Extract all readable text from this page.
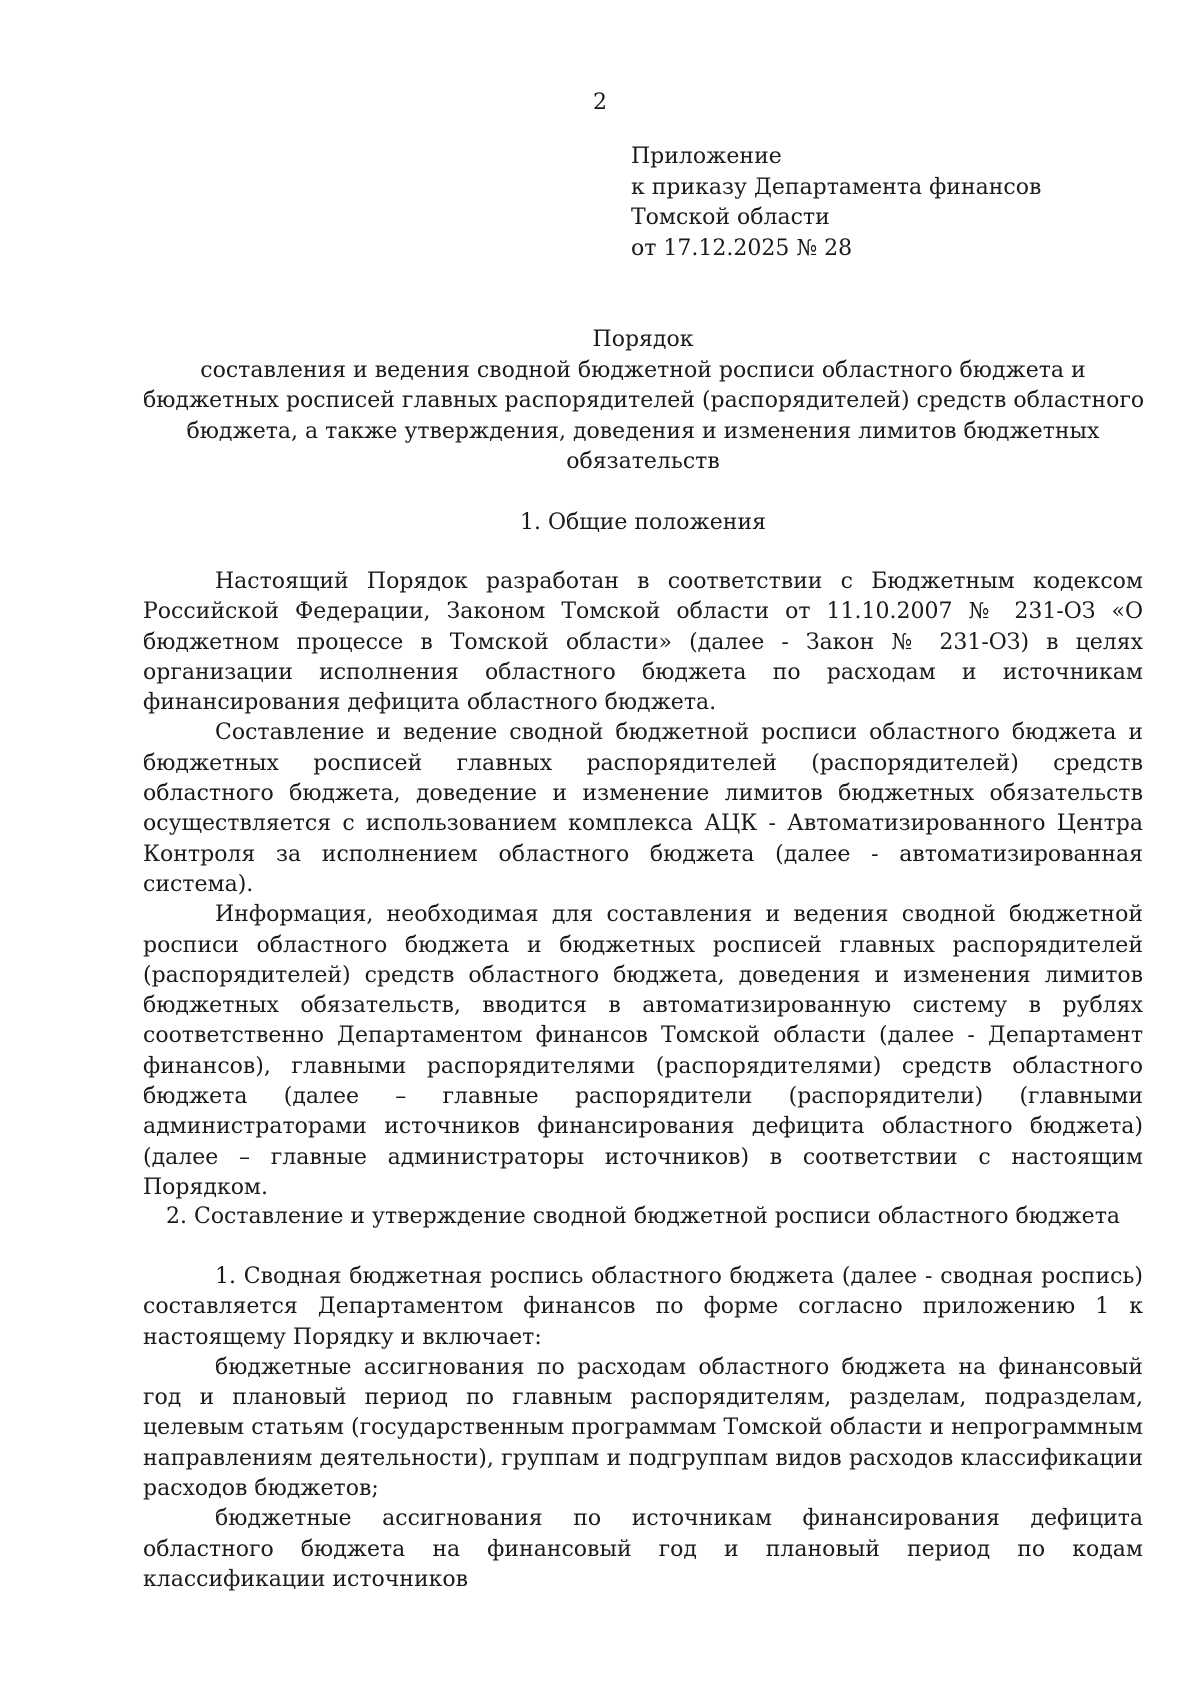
2
Приложение
к приказу Департамента финансов
Томской области
от 17.12.2025 № 28
Порядок
составления и ведения сводной бюджетной росписи областного бюджета и
бюджетных росписей главных распорядителей (распорядителей) средств областного
бюджета, а также утверждения, доведения и изменения лимитов бюджетных
обязательств
1. Общие положения

Настоящий Порядок разработан в соответствии с Бюджетным кодексом Российской Федерации, Законом Томской области от 11.10.2007 № 231-ОЗ «О бюджетном процессе в Томской области» (далее - Закон № 231-ОЗ) в целях организации исполнения областного бюджета по расходам и источникам финансирования дефицита областного бюджета.

Составление и ведение сводной бюджетной росписи областного бюджета и бюджетных росписей главных распорядителей (распорядителей) средств областного бюджета, доведение и изменение лимитов бюджетных обязательств осуществляется с использованием комплекса АЦК - Автоматизированного Центра Контроля за исполнением областного бюджета (далее - автоматизированная система).

Информация, необходимая для составления и ведения сводной бюджетной росписи областного бюджета и бюджетных росписей главных распорядителей (распорядителей) средств областного бюджета, доведения и изменения лимитов бюджетных обязательств, вводится в автоматизированную систему в рублях соответственно Департаментом финансов Томской области (далее - Департамент финансов), главными распорядителями (распорядителями) средств областного бюджета (далее – главные распорядители (распорядители) (главными администраторами источников финансирования дефицита областного бюджета) (далее – главные администраторы источников) в соответствии с настоящим Порядком.

2. Составление и утверждение сводной бюджетной росписи областного бюджета

1. Сводная бюджетная роспись областного бюджета (далее - сводная роспись) составляется Департаментом финансов по форме согласно приложению 1 к настоящему Порядку и включает:

бюджетные ассигнования по расходам областного бюджета на финансовый год и плановый период по главным распорядителям, разделам, подразделам, целевым статьям (государственным программам Томской области и непрограммным направлениям деятельности), группам и подгруппам видов расходов классификации расходов бюджетов;

бюджетные ассигнования по источникам финансирования дефицита областного бюджета на финансовый год и плановый период по кодам классификации источников
